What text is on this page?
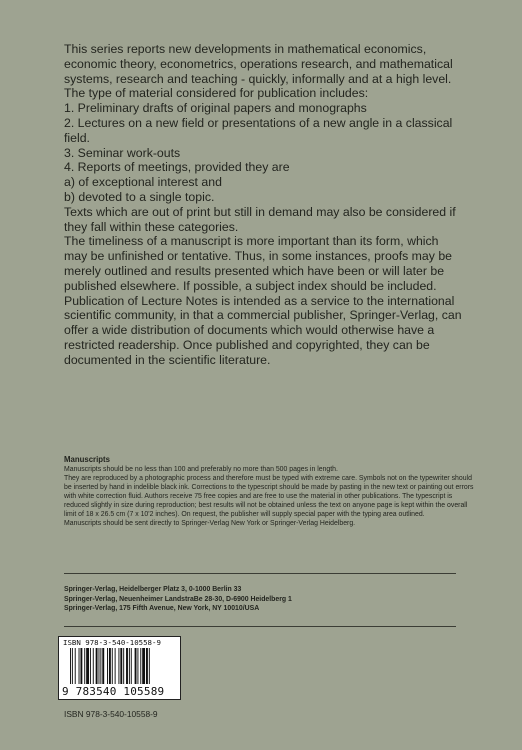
This series reports new developments in mathematical economics, economic theory, econometrics, operations research, and mathematical systems, research and teaching - quickly, informally and at a high level. The type of material considered for publication includes:

1. Preliminary drafts of original papers and monographs

2. Lectures on a new field or presentations of a new angle in a classical field.

3. Seminar work-outs

4. Reports of meetings, provided they are

a) of exceptional interest and

b) devoted to a single topic.

Texts which are out of print but still in demand may also be considered if they fall within these categories.

The timeliness of a manuscript is more important than its form, which may be unfinished or tentative. Thus, in some instances, proofs may be merely outlined and results presented which have been or will later be published elsewhere. If possible, a subject index should be included. Publication of Lecture Notes is intended as a service to the international scientific community, in that a commercial publisher, Springer-Verlag, can offer a wide distribution of documents which would otherwise have a restricted readership. Once published and copyrighted, they can be documented in the scientific literature.

Manuscripts

Manuscripts should be no less than 100 and preferably no more than 500 pages in length.

They are reproduced by a photographic process and therefore must be typed with extreme care. Symbols not on the typewriter should be inserted by hand in indelible black ink. Corrections to the typescript should be made by pasting in the new text or painting out errors with white correction fluid. Authors receive 75 free copies and are free to use the material in other publications. The typescript is reduced slightly in size during reproduction; best results will not be obtained unless the text on anyone page is kept within the overall limit of 18 x 26.5 cm (7 x 10'2 inches). On request, the publisher will supply special paper with the typing area outlined.

Manuscripts should be sent directly to Springer-Verlag New York or Springer-Verlag Heidelberg.

Springer-Verlag, Heidelberger Platz 3, 0-1000 Berlin 33

Springer-Verlag, Neuenheimer LandstraBe 28-30, D-6900 Heidelberg 1

Springer-Verlag, 175 Fifth Avenue, New York, NY 10010/USA

ISBN 978-3-540-10558-9
9 783540 105589
ISBN 978-3-540-10558-9
